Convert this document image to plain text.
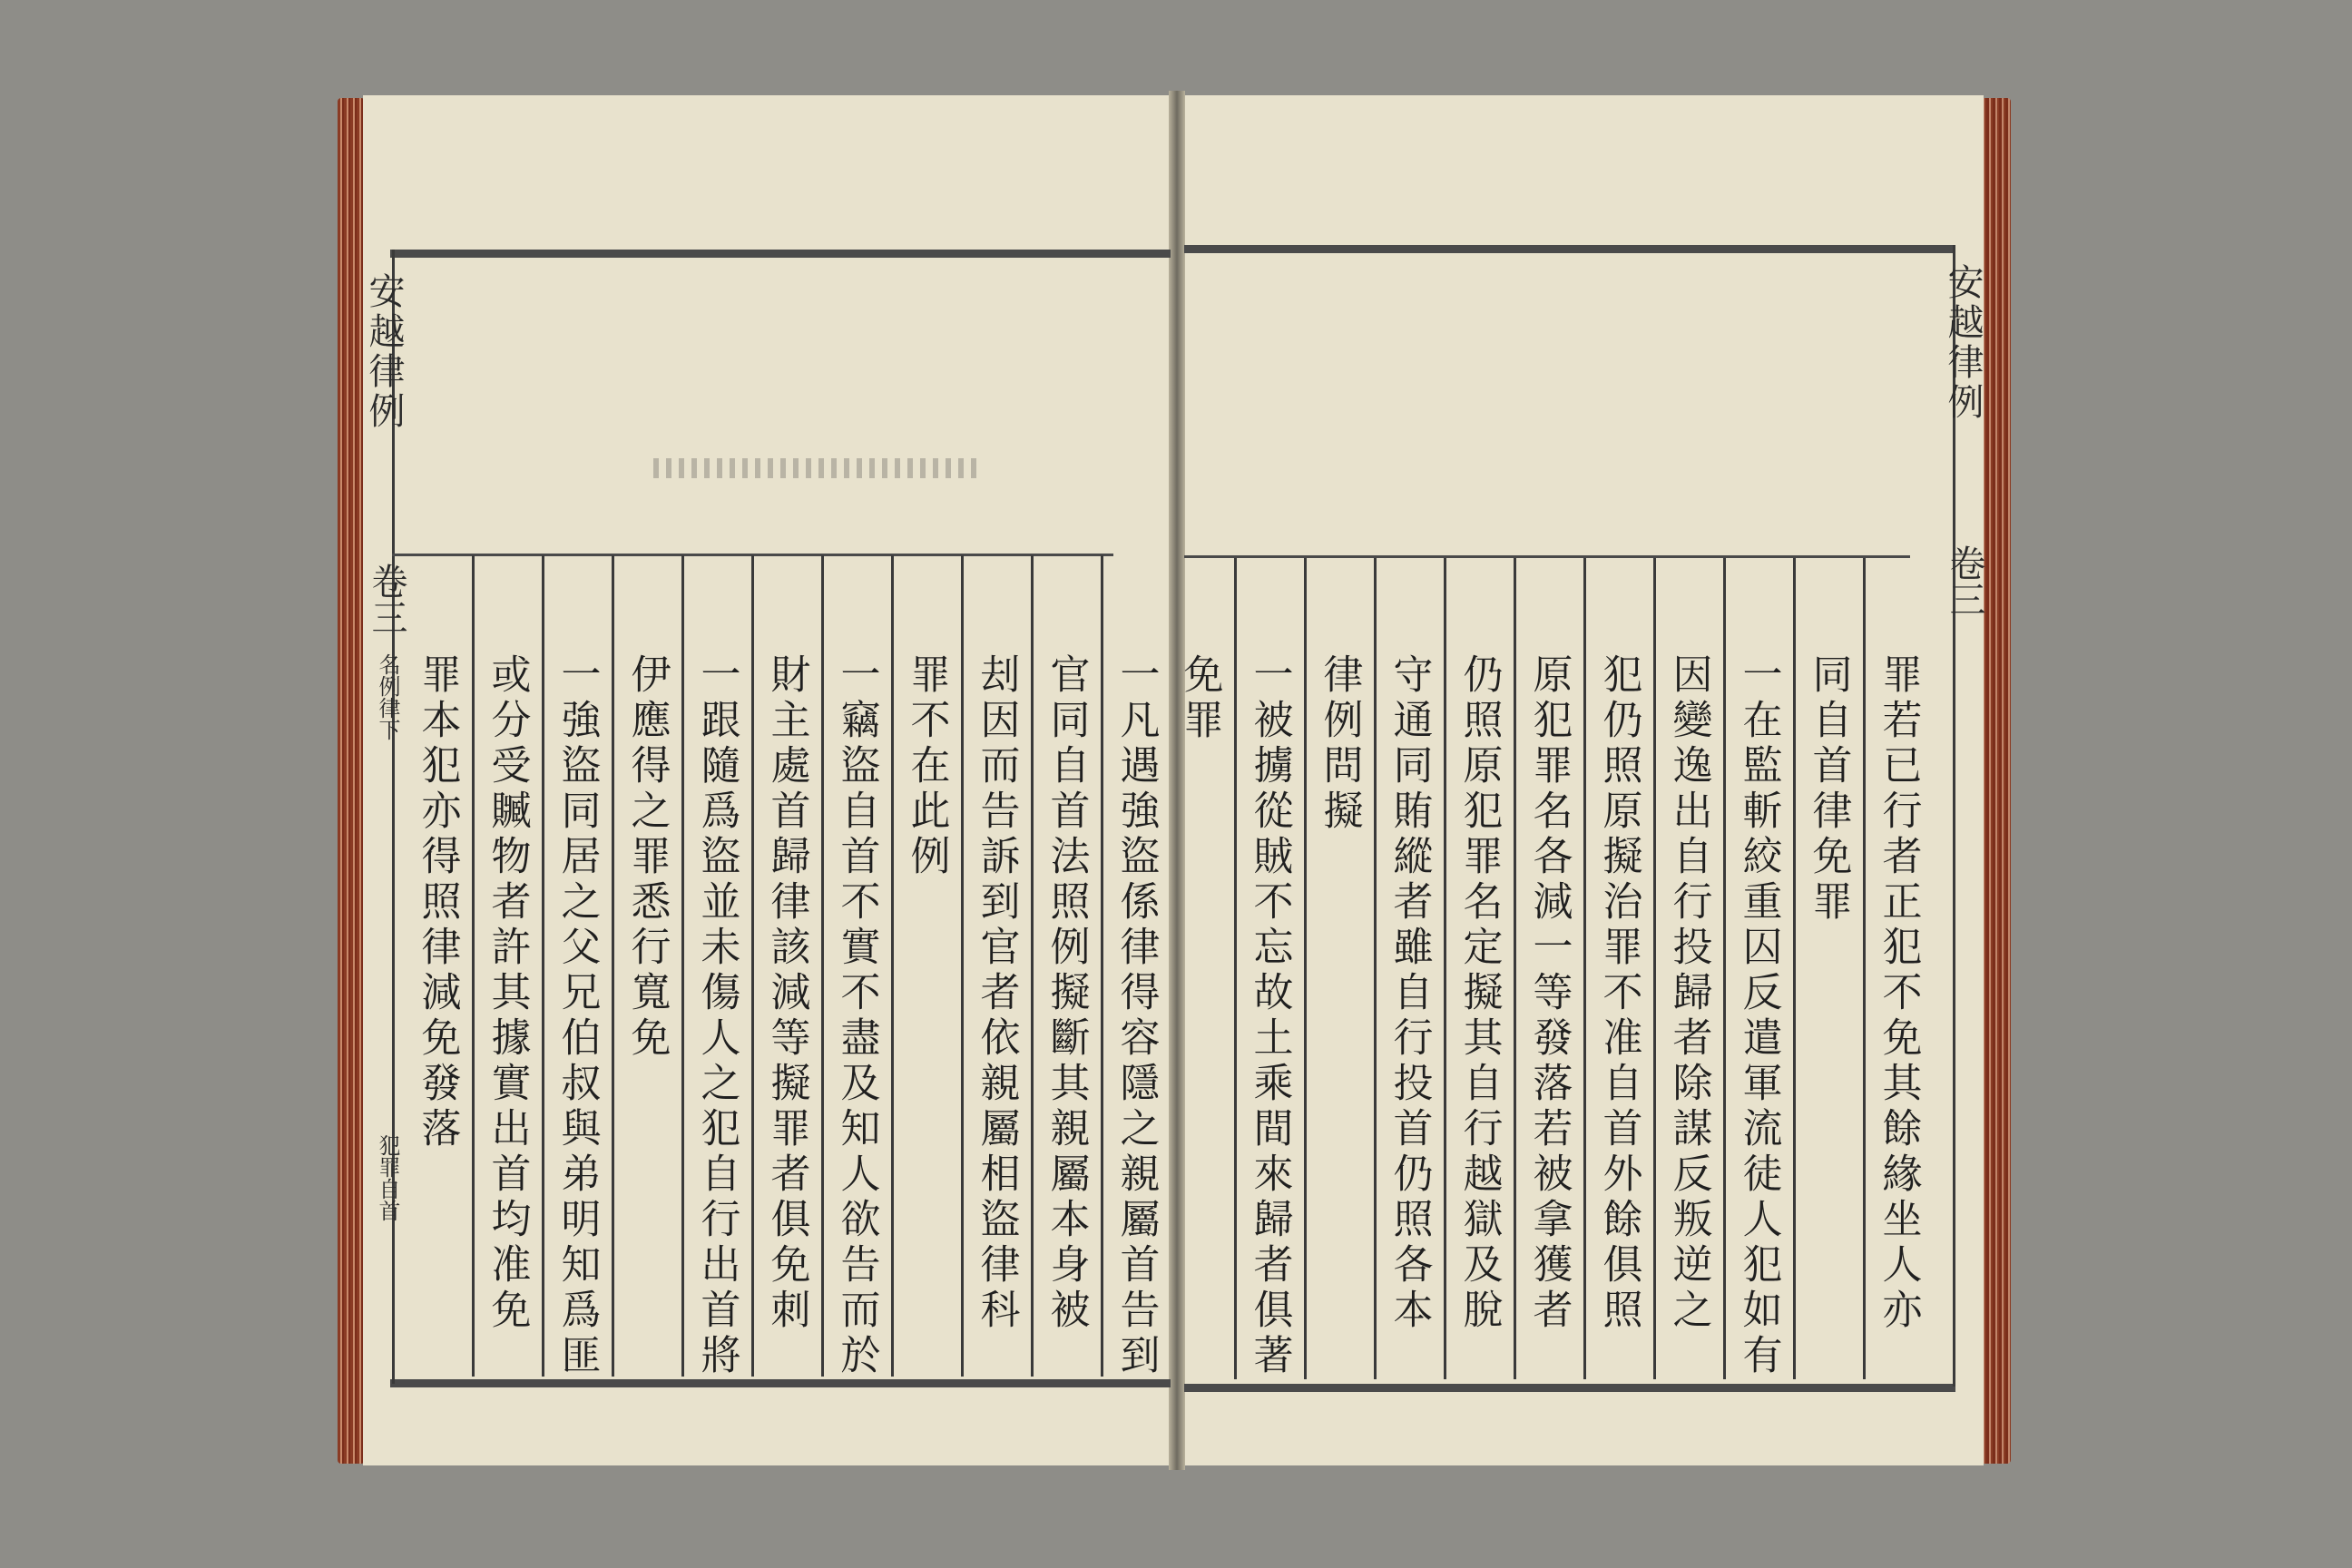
安越律例
卷三
名例律下
犯罪自首
安越律例
卷三
一凡遇強盜係律得容隱之親屬首告到
官同自首法照例擬斷其親屬本身被
刦因而告訴到官者依親屬相盜律科
罪不在此例
一竊盜自首不實不盡及知人欲告而於
財主處首歸律該減等擬罪者俱免刺
一跟隨爲盜並未傷人之犯自行出首將
伊應得之罪悉行寬免
一強盜同居之父兄伯叔與弟明知爲匪
或分受贓物者許其據實出首均准免
罪本犯亦得照律減免發落	罪若已行者正犯不免其餘緣坐人亦
同自首律免罪
一在監斬絞重囚反遣軍流徒人犯如有
因變逸出自行投歸者除謀反叛逆之
犯仍照原擬治罪不准自首外餘俱照
原犯罪名各減一等發落若被拿獲者
仍照原犯罪名定擬其自行越獄及脫
守通同賄縱者雖自行投首仍照各本
律例問擬
一被擄從賊不忘故土乘間來歸者俱著
免罪
